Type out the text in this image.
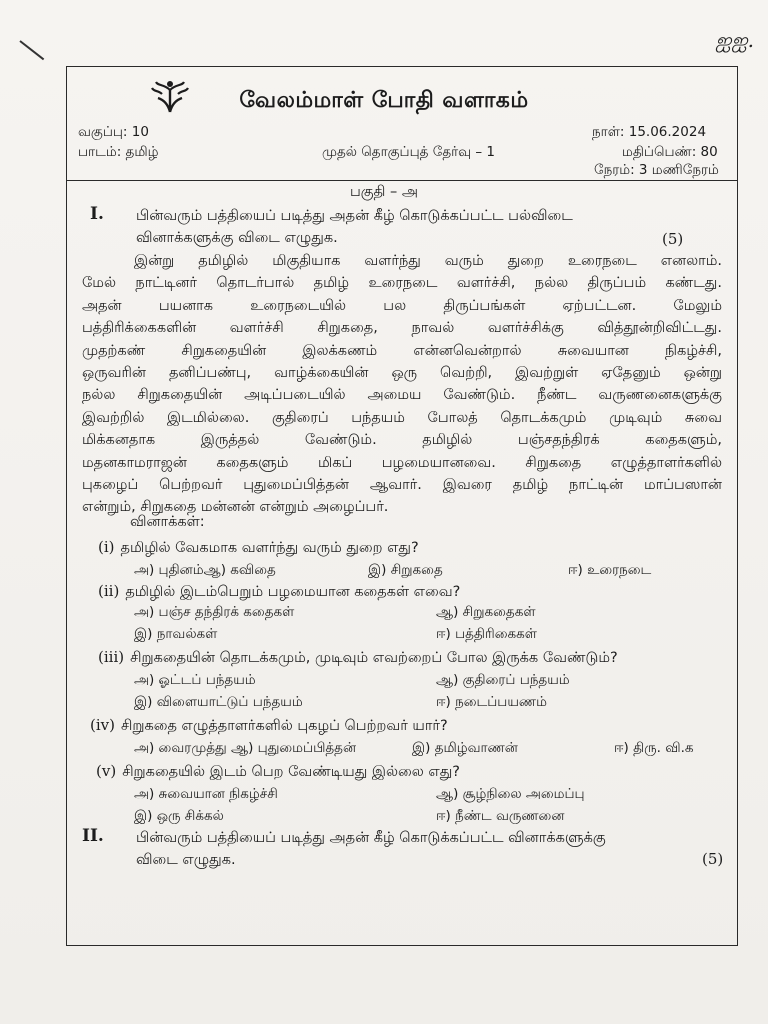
ஐஐ.
வேலம்மாள் போதி வளாகம்
வகுப்பு: 10
பாடம்: தமிழ்	முதல் தொகுப்புத் தேர்வு – 1
நாள்: 15.06.2024
மதிப்பெண்: 80
நேரம்: 3 மணிநேரம்
பகுதி – அ
I. பின்வரும் பத்தியைப் படித்து அதன் கீழ் கொடுக்கப்பட்ட பல்விடை
வினாக்களுக்கு விடை எழுதுக.	(5)
இன்று தமிழில் மிகுதியாக வளர்ந்து வரும் துறை உரைநடை எனலாம்.
மேல் நாட்டினர் தொடர்பால் தமிழ் உரைநடை வளர்ச்சி, நல்ல திருப்பம் கண்டது.
அதன் பயனாக உரைநடையில் பல திருப்பங்கள் ஏற்பட்டன. மேலும்
பத்திரிக்கைகளின் வளர்ச்சி சிறுகதை, நாவல் வளர்ச்சிக்கு வித்தூன்றிவிட்டது.
முதற்கண் சிறுகதையின் இலக்கணம் என்னவென்றால் சுவையான நிகழ்ச்சி,
ஒருவரின் தனிப்பண்பு, வாழ்க்கையின் ஒரு வெற்றி, இவற்றுள் ஏதேனும் ஒன்று
நல்ல சிறுகதையின் அடிப்படையில் அமைய வேண்டும். நீண்ட வருணனைகளுக்கு
இவற்றில் இடமில்லை. குதிரைப் பந்தயம் போலத் தொடக்கமும் முடிவும் சுவை
மிக்கனதாக இருத்தல் வேண்டும். தமிழில் பஞ்சதந்திரக் கதைகளும்,
மதனகாமராஜன் கதைகளும் மிகப் பழமையானவை. சிறுகதை எழுத்தாளர்களில்
புகழைப் பெற்றவர் புதுமைப்பித்தன் ஆவார். இவரை தமிழ் நாட்டின் மாப்பஸான்
என்றும், சிறுகதை மன்னன் என்றும் அழைப்பர்.
வினாக்கள்:
(i) தமிழில் வேகமாக வளர்ந்து வரும் துறை எது?
அ) புதினம்ஆ) கவிதை	இ) சிறுகதை	ஈ) உரைநடை
(ii) தமிழில் இடம்பெறும் பழமையான கதைகள் எவை?
அ) பஞ்ச தந்திரக் கதைகள்	ஆ) சிறுகதைகள்
இ) நாவல்கள்	ஈ) பத்திரிகைகள்
(iii) சிறுகதையின் தொடக்கமும், முடிவும் எவற்றைப் போல இருக்க வேண்டும்?
அ) ஓட்டப் பந்தயம்	ஆ) குதிரைப் பந்தயம்
இ) விளையாட்டுப் பந்தயம்	ஈ) நடைப்பயணம்
(iv) சிறுகதை எழுத்தாளர்களில் புகழப் பெற்றவர் யார்?
அ) வைரமுத்து ஆ) புதுமைப்பித்தன்	இ) தமிழ்வாணன்	ஈ) திரு. வி.க
(v) சிறுகதையில் இடம் பெற வேண்டியது இல்லை எது?
அ) சுவையான நிகழ்ச்சி	ஆ) சூழ்நிலை அமைப்பு
இ) ஒரு சிக்கல்	ஈ) நீண்ட வருணனை
II. பின்வரும் பத்தியைப் படித்து அதன் கீழ் கொடுக்கப்பட்ட வினாக்களுக்கு
விடை எழுதுக.	(5)
